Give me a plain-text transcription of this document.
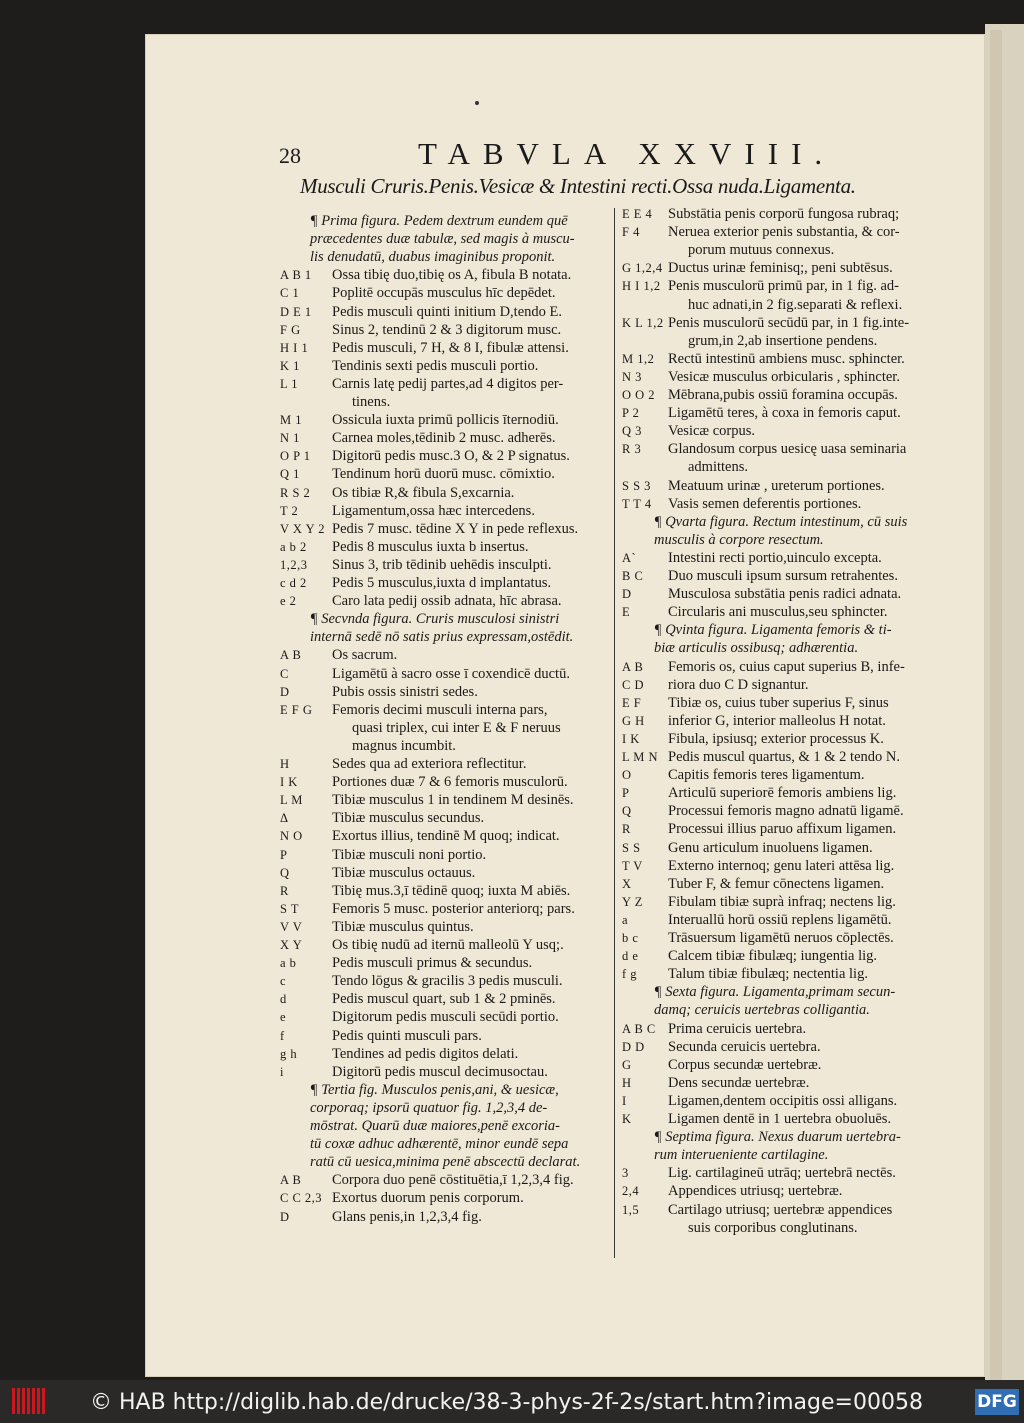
28	TABVLA XXVIII.
Musculi Cruris.Penis.Vesicæ & Intestini recti.Ossa nuda.Ligamenta.
¶ Prima figura. Pedem dextrum eundem quē
præcedentes duæ tabulæ, sed magis à muscu-
lis denudatū, duabus imaginibus proponit.
A B 1 Ossa tibię duo,tibię os A, fibula B notata.
C 1 Poplitē occupās musculus hīc depēdet.
D E 1 Pedis musculi quinti initium D,tendo E.
F G Sinus 2, tendinū 2 & 3 digitorum musc.
H I 1 Pedis musculi, 7 H, & 8 I, fibulæ attensi.
K 1 Tendinis sexti pedis musculi portio.
L 1 Carnis latę pedij partes,ad 4 digitos per-
tinens.
M 1 Ossicula iuxta primū pollicis īternodiū.
N 1 Carnea moles,tēdinib 2 musc. adherēs.
O P 1 Digitorū pedis musc.3 O, & 2 P signatus.
Q 1 Tendinum horū duorū musc. cōmixtio.
R S 2 Os tibiæ R,& fibula S,excarnia.
T 2 Ligamentum,ossa hæc intercedens.
V X Y 2 Pedis 7 musc. tēdine X Y in pede reflexus.
a b 2 Pedis 8 musculus iuxta b insertus.
1,2,3 Sinus 3, trib tēdinib uehēdis insculpti.
c d 2 Pedis 5 musculus,iuxta d implantatus.
e 2 Caro lata pedij ossib adnata, hīc abrasa.
¶ Secvnda figura. Cruris musculosi sinistri
internā sedē nō satis prius expressam,ostēdit.
A B Os sacrum.
C	Ligamētū à sacro osse ī coxendicē ductū.
D	Pubis ossis sinistri sedes.
E F G Femoris decimi musculi interna pars,
quasi triplex, cui inter E & F neruus
magnus incumbit.
H	Sedes qua ad exteriora reflectitur.
I K Portiones duæ 7 & 6 femoris musculorū.
L M Tibiæ musculus 1 in tendinem M desinēs.
Δ	Tibiæ musculus secundus.
N O Exortus illius, tendinē M quoq; indicat.
P	Tibiæ musculi noni portio.
Q	Tibiæ musculus octauus.
R	Tibię mus.3,ī tēdinē quoq; iuxta M abiēs.
S T Femoris 5 musc. posterior anteriorq; pars.
V V Tibiæ musculus quintus.
X Y Os tibię nudū ad iternū malleolū Y usq;.
a b Pedis musculi primus & secundus.
c	Tendo lōgus & gracilis 3 pedis musculi.
d	Pedis muscul quart, sub 1 & 2 pminēs.
e	Digitorum pedis musculi secūdi portio.
f	Pedis quinti musculi pars.
g h Tendines ad pedis digitos delati.
i	Digitorū pedis muscul decimusoctau.
¶ Tertia fig. Musculos penis,ani, & uesicæ,
corporaq; ipsorū quatuor fig. 1,2,3,4 de-
mōstrat. Quarū duæ maiores,penē excoria-
tū coxæ adhuc adhærentē, minor eundē sepa
ratū cū uesica,minima penē abscectū declarat.
A B Corpora duo penē cōstituētia,ī 1,2,3,4 fig.
C C 2,3 Exortus duorum penis corporum.
D	Glans penis,in 1,2,3,4 fig.
E E 4 Substātia penis corporū fungosa rubraq;
F 4 Neruea exterior penis substantia, & cor-
porum mutuus connexus.
G 1,2,4 Ductus urinæ feminisq;, peni subtēsus.
H I 1,2 Penis musculorū primū par, in 1 fig. ad-
huc adnati,in 2 fig.separati & reflexi.
K L 1,2 Penis musculorū secūdū par, in 1 fig.inte-
grum,in 2,ab insertione pendens.
M 1,2 Rectū intestinū ambiens musc. sphincter.
N 3 Vesicæ musculus orbicularis , sphincter.
O O 2 Mēbrana,pubis ossiū foramina occupās.
P 2 Ligamētū teres, à coxa in femoris caput.
Q 3 Vesicæ corpus.
R 3 Glandosum corpus uesicę uasa seminaria
admittens.
S S 3 Meatuum urinæ , ureterum portiones.
T T 4 Vasis semen deferentis portiones.
¶ Qvarta figura. Rectum intestinum, cū suis
musculis à corpore resectum.
A` Intestini recti portio,uinculo excepta.
B C Duo musculi ipsum sursum retrahentes.
D	Musculosa substātia penis radici adnata.
E	Circularis ani musculus,seu sphincter.
¶ Qvinta figura. Ligamenta femoris & ti-
biæ articulis ossibusq; adhærentia.
A B Femoris os, cuius caput superius B, infe-
C D riora duo C D signantur.
E F Tibiæ os, cuius tuber superius F, sinus
G H inferior G, interior malleolus H notat.
I K Fibula, ipsiusq; exterior processus K.
L M N Pedis muscul quartus, & 1 & 2 tendo N.
O	Capitis femoris teres ligamentum.
P	Articulū superiorē femoris ambiens lig.
Q	Processui femoris magno adnatū ligamē.
R	Processui illius paruo affixum ligamen.
S S Genu articulum inuoluens ligamen.
T V Externo internoq; genu lateri attēsa lig.
X	Tuber F, & femur cōnectens ligamen.
Y Z Fibulam tibiæ suprà infraq; nectens lig.
a	Interuallū horū ossiū replens ligamētū.
b c Trāsuersum ligamētū neruos cōplectēs.
d e Calcem tibiæ fibulæq; iungentia lig.
f g Talum tibiæ fibulæq; nectentia lig.
¶ Sexta figura. Ligamenta,primam secun-
damq; ceruicis uertebras colligantia.
A B C Prima ceruicis uertebra.
D D Secunda ceruicis uertebra.
G	Corpus secundæ uertebræ.
H	Dens secundæ uertebræ.
I	Ligamen,dentem occipitis ossi alligans.
K	Ligamen dentē in 1 uertebra obuoluēs.
¶ Septima figura. Nexus duarum uertebra-
rum interueniente cartilagine.
3	Lig. cartilagineū utrāq; uertebrā nectēs.
2,4 Appendices utriusq; uertebræ.
1,5 Cartilago utriusq; uertebræ appendices
suis corporibus conglutinans.
© HAB http://diglib.hab.de/drucke/38-3-phys-2f-2s/start.htm?image=00058	DFG
